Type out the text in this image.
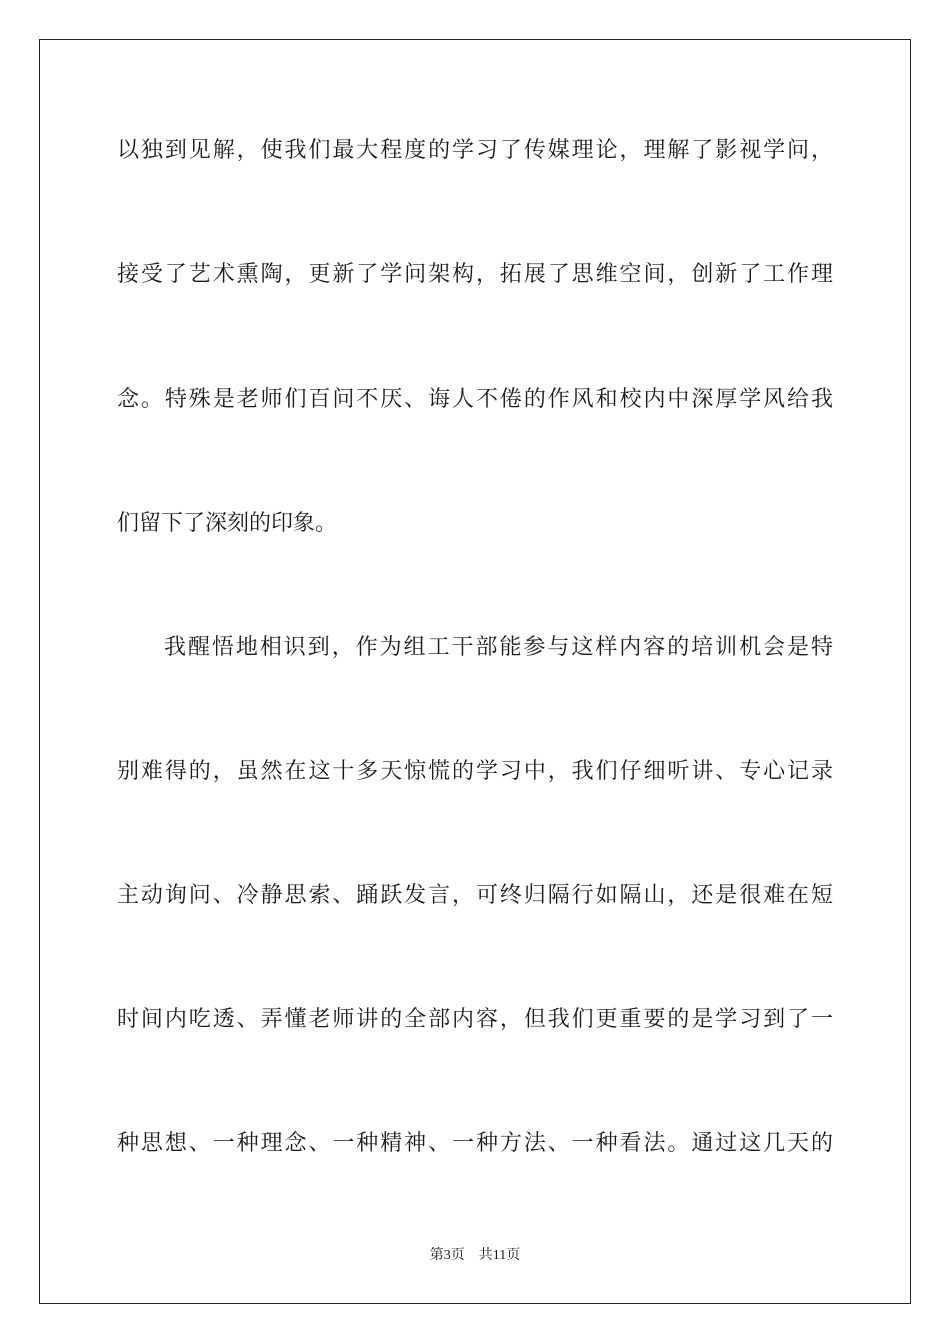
以独到见解，使我们最大程度的学习了传媒理论，理解了影视学问，
接受了艺术熏陶，更新了学问架构，拓展了思维空间，创新了工作理
念。特殊是老师们百问不厌、诲人不倦的作风和校内中深厚学风给我
们留下了深刻的印象。
我醒悟地相识到，作为组工干部能参与这样内容的培训机会是特
别难得的，虽然在这十多天惊慌的学习中，我们仔细听讲、专心记录
主动询问、冷静思索、踊跃发言，可终归隔行如隔山，还是很难在短
时间内吃透、弄懂老师讲的全部内容，但我们更重要的是学习到了一
种思想、一种理念、一种精神、一种方法、一种看法。通过这几天的
第3页 共11页
